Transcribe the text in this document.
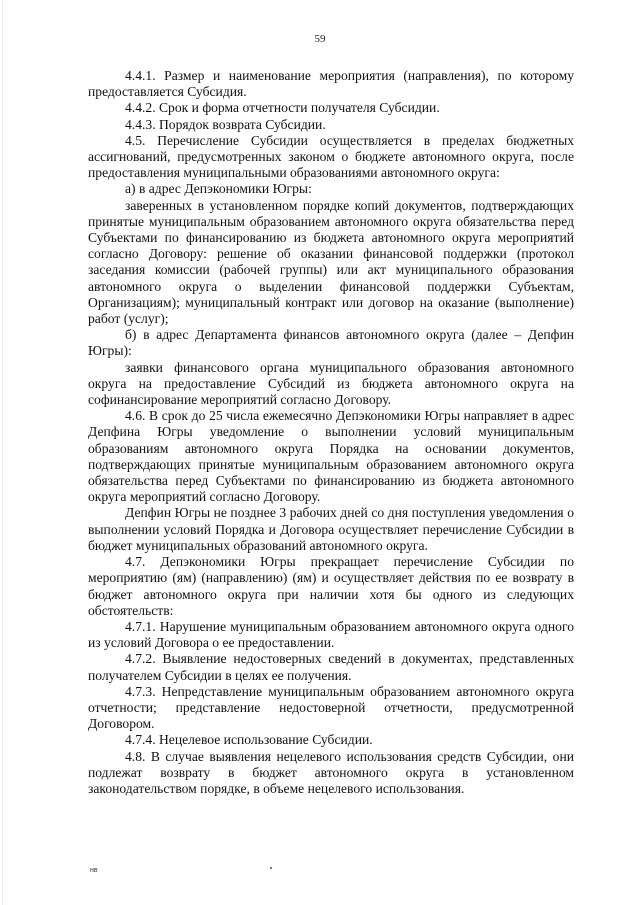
59

4.4.1. Размер и наименование мероприятия (направления), по которому предоставляется Субсидия.

4.4.2. Срок и форма отчетности получателя Субсидии.

4.4.3. Порядок возврата Субсидии.

4.5. Перечисление Субсидии осуществляется в пределах бюджетных ассигнований, предусмотренных законом о бюджете автономного округа, после предоставления муниципальными образованиями автономного округа:

а) в адрес Депэкономики Югры:

заверенных в установленном порядке копий документов, подтверждающих принятые муниципальным образованием автономного округа обязательства перед Субъектами по финансированию из бюджета автономного округа мероприятий согласно Договору: решение об оказании финансовой поддержки (протокол заседания комиссии (рабочей группы) или акт муниципального образования автономного округа о выделении финансовой поддержки Субъектам, Организациям); муниципальный контракт или договор на оказание (выполнение) работ (услуг);

б) в адрес Департамента финансов автономного округа (далее – Депфин Югры):

заявки финансового органа муниципального образования автономного округа на предоставление Субсидий из бюджета автономного округа на софинансирование мероприятий согласно Договору.

4.6. В срок до 25 числа ежемесячно Депэкономики Югры направляет в адрес Депфина Югры уведомление о выполнении условий муниципальным образованиям автономного округа Порядка на основании документов, подтверждающих принятые муниципальным образованием автономного округа обязательства перед Субъектами по финансированию из бюджета автономного округа мероприятий согласно Договору.

Депфин Югры не позднее 3 рабочих дней со дня поступления уведомления о выполнении условий Порядка и Договора осуществляет перечисление Субсидии в бюджет муниципальных образований автономного округа.

4.7. Депэкономики Югры прекращает перечисление Субсидии по мероприятию (ям) (направлению) (ям) и осуществляет действия по ее возврату в бюджет автономного округа при наличии хотя бы одного из следующих обстоятельств:

4.7.1. Нарушение муниципальным образованием автономного округа одного из условий Договора о ее предоставлении.

4.7.2. Выявление недостоверных сведений в документах, представленных получателем Субсидии в целях ее получения.

4.7.3. Непредставление муниципальным образованием автономного округа отчетности; представление недостоверной отчетности, предусмотренной Договором.

4.7.4. Нецелевое использование Субсидии.

4.8. В случае выявления нецелевого использования средств Субсидии, они подлежат возврату в бюджет автономного округа в установленном законодательством порядке, в объеме нецелевого использования.

нв
